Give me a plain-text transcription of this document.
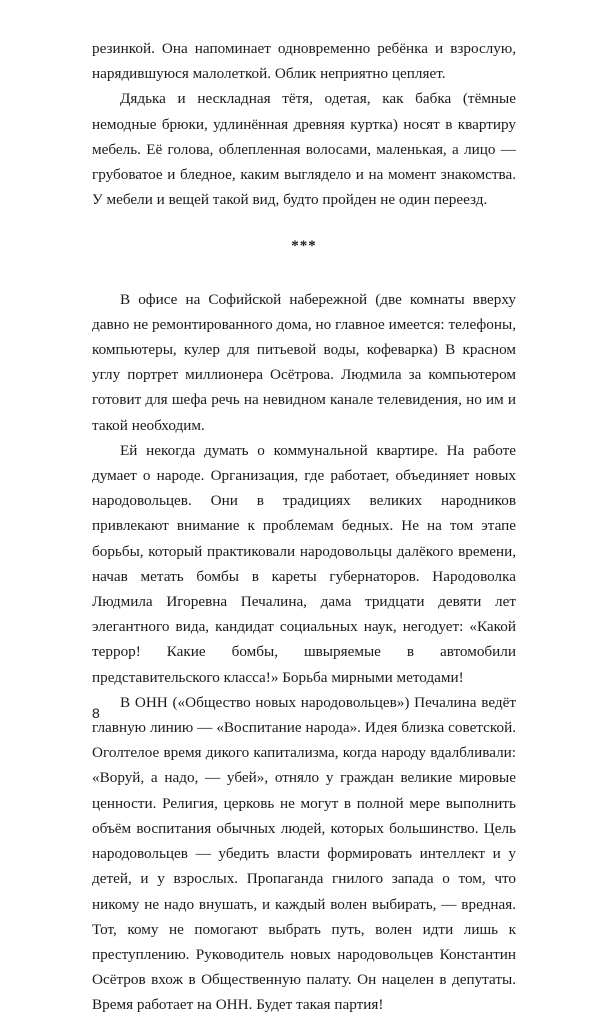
резинкой. Она напоминает одновременно ребёнка и взрослую, нарядившуюся малолеткой. Облик неприятно цепляет.

Дядька и нескладная тётя, одетая, как бабка (тёмные немодные брюки, удлинённая древняя куртка) носят в квартиру мебель. Её голова, облепленная волосами, маленькая, а лицо — грубоватое и бледное, каким выглядело и на момент знакомства. У мебели и вещей такой вид, будто пройден не один переезд.

***

В офисе на Софийской набережной (две комнаты вверху давно не ремонтированного дома, но главное имеется: телефоны, компьютеры, кулер для питьевой воды, кофеварка) В красном углу портрет миллионера Осётрова. Людмила за компьютером готовит для шефа речь на невидном канале телевидения, но им и такой необходим.

Ей некогда думать о коммунальной квартире. На работе думает о народе. Организация, где работает, объединяет новых народовольцев. Они в традициях великих народников привлекают внимание к проблемам бедных. Не на том этапе борьбы, который практиковали народовольцы далёкого времени, начав метать бомбы в кареты губернаторов. Народоволка Людмила Игоревна Печалина, дама тридцати девяти лет элегантного вида, кандидат социальных наук, негодует: «Какой террор! Какие бомбы, швыряемые в автомобили представительского класса!» Борьба мирными методами!

В ОНН («Общество новых народовольцев») Печалина ведёт главную линию — «Воспитание народа». Идея близка советской. Оголтелое время дикого капитализма, когда народу вдалбливали: «Воруй, а надо, — убей», отняло у граждан великие мировые ценности. Религия, церковь не могут в полной мере выполнить объём воспитания обычных людей, которых большинство. Цель народовольцев — убедить власти формировать интеллект и у детей, и у взрослых. Пропаганда гнилого запада о том, что никому не надо внушать, и каждый волен выбирать, — вредная. Тот, кому не помогают выбрать путь, волен идти лишь к преступлению. Руководитель новых народовольцев Константин Осётров вхож в Общественную палату. Он нацелен в депутаты. Время работает на ОНН. Будет такая партия!

8
